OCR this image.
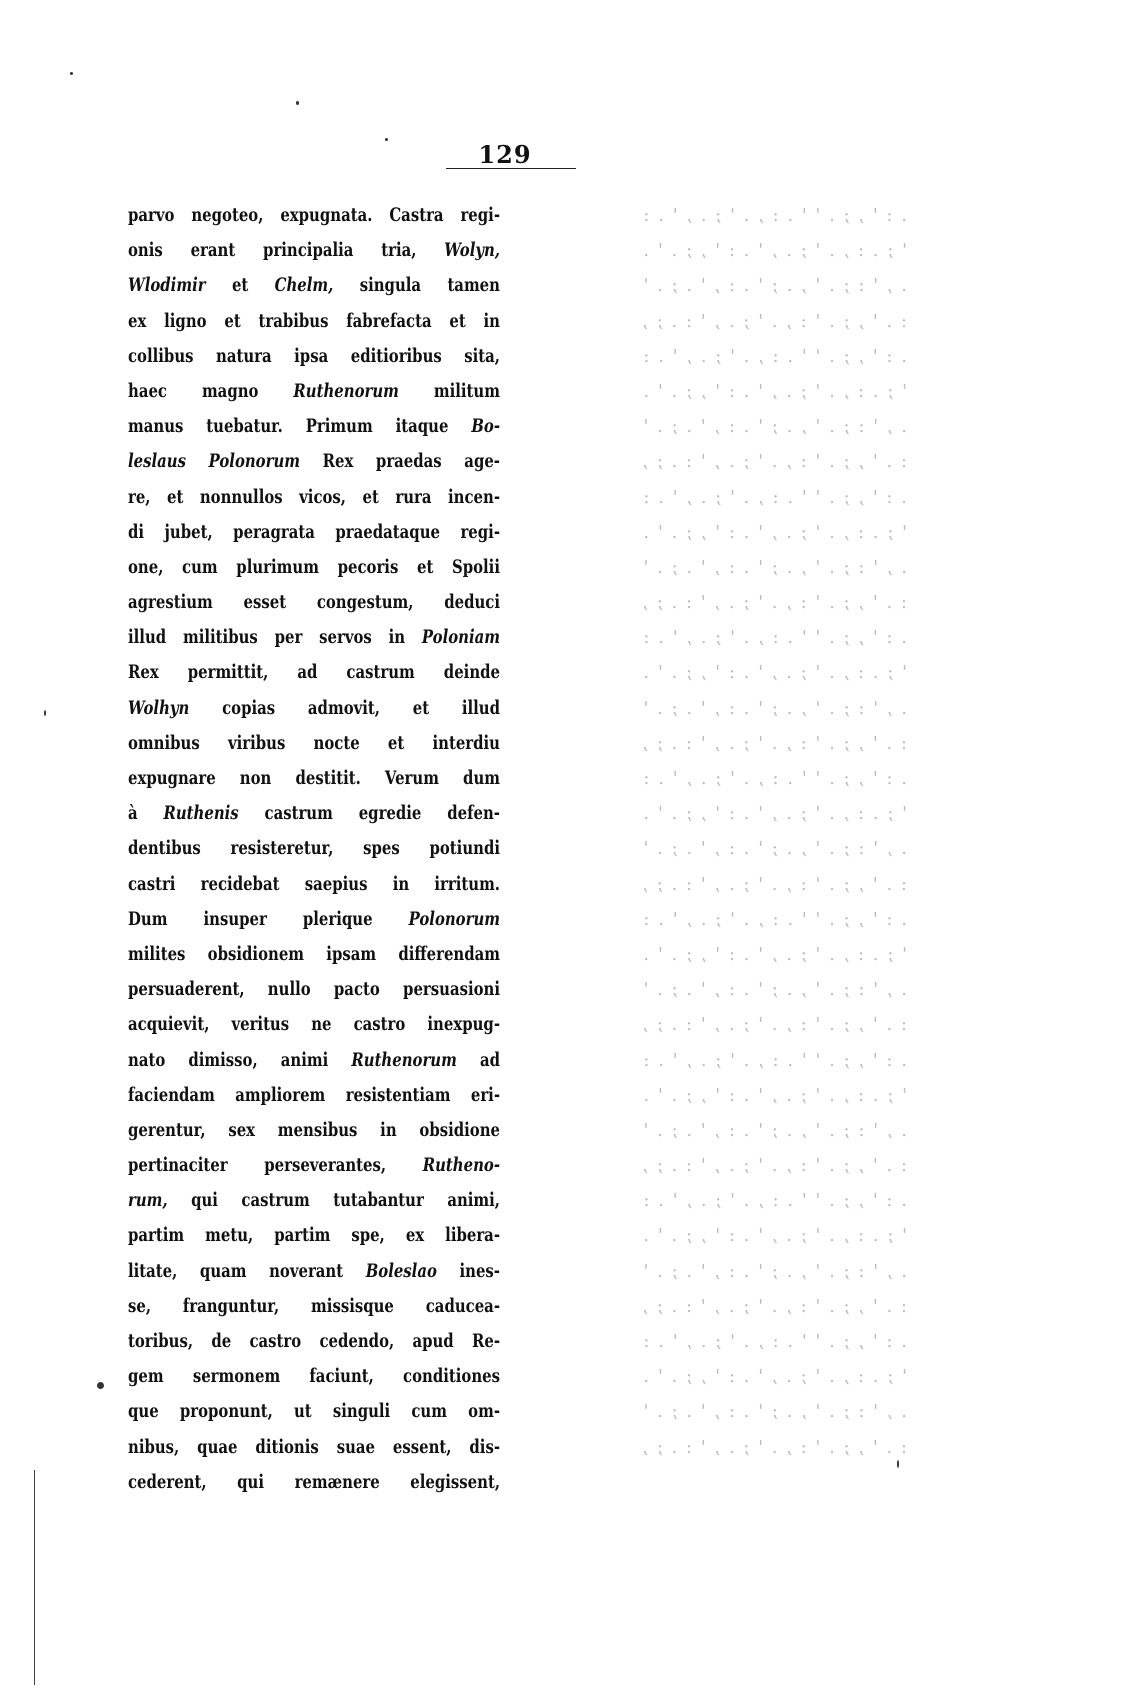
129
parvo negoteo, expugnata. Castra regi-
onis erant principalia tria, Wolyn,
Wlodimir et Chelm, singula tamen
ex ligno et trabibus fabrefacta et in
collibus natura ipsa editioribus sita,
haec magno Ruthenorum militum
manus tuebatur. Primum itaque Bo-
leslaus Polonorum Rex praedas age-
re, et nonnullos vicos, et rura incen-
di jubet, peragrata praedataque regi-
one, cum plurimum pecoris et Spolii
agrestium esset congestum, deduci
illud militibus per servos in Poloniam
Rex permittit, ad castrum deinde
Wolhyn copias admovit, et illud
omnibus viribus nocte et interdiu
expugnare non destitit. Verum dum
à Ruthenis castrum egredie defen-
dentibus resisteretur, spes potiundi
castri recidebat saepius in irritum.
Dum insuper plerique Polonorum
milites obsidionem ipsam differendam
persuaderent, nullo pacto persuasioni
acquievit, veritus ne castro inexpug-
nato dimisso, animi Ruthenorum ad
faciendam ampliorem resistentiam eri-
gerentur, sex mensibus in obsidione
pertinaciter perseverantes, Rutheno-
rum, qui castrum tutabantur animi,
partim metu, partim spe, ex libera-
litate, quam noverant Boleslao ines-
se, franguntur, missisque caducea-
toribus, de castro cedendo, apud Re-
gem sermonem faciunt, conditiones
que proponunt, ut singuli cum om-
nibus, quae ditionis suae essent, dis-
cederent, qui remænere elegissent,
. : ' , ; . ' ' . : , . ' ; . , ' . :
' ; . : , . ' ; . , ' . : ' , ; . ' .
. , ' : ; . ' , . ; ' . : , ' . ; . '
: . ' , ; . ' : , . ' ; . , ' : . ; ,
. : ' , ; . ' ' . : , . ' ; . , ' . :
' ; . : , . ' ; . , ' . : ' , ; . ' .
. , ' : ; . ' , . ; ' . : , ' . ; . '
: . ' , ; . ' : , . ' ; . , ' : . ; ,
. : ' , ; . ' ' . : , . ' ; . , ' . :
' ; . : , . ' ; . , ' . : ' , ; . ' .
. , ' : ; . ' , . ; ' . : , ' . ; . '
: . ' , ; . ' : , . ' ; . , ' : . ; ,
. : ' , ; . ' ' . : , . ' ; . , ' . :
' ; . : , . ' ; . , ' . : ' , ; . ' .
. , ' : ; . ' , . ; ' . : , ' . ; . '
: . ' , ; . ' : , . ' ; . , ' : . ; ,
. : ' , ; . ' ' . : , . ' ; . , ' . :
' ; . : , . ' ; . , ' . : ' , ; . ' .
. , ' : ; . ' , . ; ' . : , ' . ; . '
: . ' , ; . ' : , . ' ; . , ' : . ; ,
. : ' , ; . ' ' . : , . ' ; . , ' . :
' ; . : , . ' ; . , ' . : ' , ; . ' .
. , ' : ; . ' , . ; ' . : , ' . ; . '
: . ' , ; . ' : , . ' ; . , ' : . ; ,
. : ' , ; . ' ' . : , . ' ; . , ' . :
' ; . : , . ' ; . , ' . : ' , ; . ' .
. , ' : ; . ' , . ; ' . : , ' . ; . '
: . ' , ; . ' : , . ' ; . , ' : . ; ,
. : ' , ; . ' ' . : , . ' ; . , ' . :
' ; . : , . ' ; . , ' . : ' , ; . ' .
. , ' : ; . ' , . ; ' . : , ' . ; . '
: . ' , ; . ' : , . ' ; . , ' : . ; ,
. : ' , ; . ' ' . : , . ' ; . , ' . :
' ; . : , . ' ; . , ' . : ' , ; . ' .
. , ' : ; . ' , . ; ' . : , ' . ; . '
: . ' , ; . ' : , . ' ; . , ' : . ; ,
